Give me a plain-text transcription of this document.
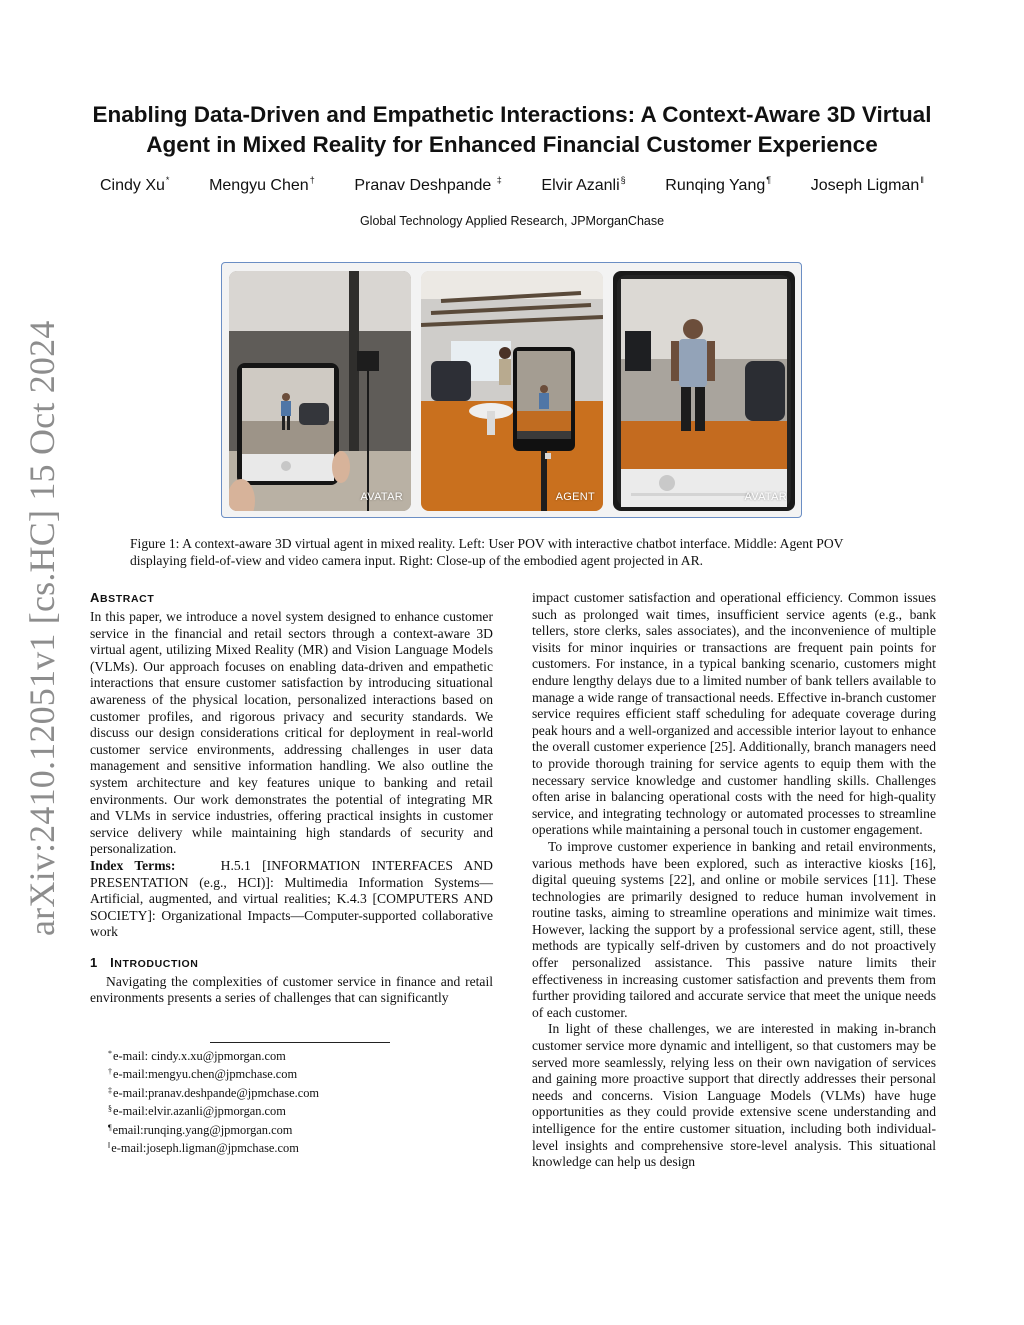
arXiv:2410.12051v1 [cs.HC] 15 Oct 2024
Enabling Data-Driven and Empathetic Interactions: A Context-Aware 3D Virtual Agent in Mixed Reality for Enhanced Financial Customer Experience
Cindy Xu* Mengyu Chen† Pranav Deshpande ‡ Elvir Azanli§ Runqing Yang¶ Joseph Ligman‖
Global Technology Applied Research, JPMorganChase
AVATAR	AGENT	AVATAR
Figure 1: A context-aware 3D virtual agent in mixed reality. Left: User POV with interactive chatbot interface. Middle: Agent POV displaying field-of-view and video camera input. Right: Close-up of the embodied agent projected in AR.
ABSTRACT

In this paper, we introduce a novel system designed to enhance customer service in the financial and retail sectors through a context-aware 3D virtual agent, utilizing Mixed Reality (MR) and Vision Language Models (VLMs). Our approach focuses on enabling data-driven and empathetic interactions that ensure customer satisfaction by introducing situational awareness of the physical location, personalized interactions based on customer profiles, and rigorous privacy and security standards. We discuss our design considerations critical for deployment in real-world customer service environments, addressing challenges in user data management and sensitive information handling. We also outline the system architecture and key features unique to banking and retail environments. Our work demonstrates the potential of integrating MR and VLMs in service industries, offering practical insights in customer service delivery while maintaining high standards of security and personalization.

Index Terms:	H.5.1 [INFORMATION INTERFACES AND PRESENTATION (e.g., HCI)]: Multimedia Information Systems—Artificial, augmented, and virtual realities; K.4.3 [COMPUTERS AND SOCIETY]: Organizational Impacts—Computer-supported collaborative work

1 INTRODUCTION

Navigating the complexities of customer service in finance and retail environments presents a series of challenges that can significantly

*e-mail: cindy.x.xu@jpmorgan.com
†e-mail:mengyu.chen@jpmchase.com
‡e-mail:pranav.deshpande@jpmchase.com
§e-mail:elvir.azanli@jpmorgan.com
¶email:runqing.yang@jpmorgan.com
‖e-mail:joseph.ligman@jpmchase.com

impact customer satisfaction and operational efficiency. Common issues such as prolonged wait times, insufficient service agents (e.g., bank tellers, store clerks, sales associates), and the inconvenience of multiple visits for minor inquiries or transactions are frequent pain points for customers. For instance, in a typical banking scenario, customers might endure lengthy delays due to a limited number of bank tellers available to manage a wide range of transactional needs. Effective in-branch customer service requires efficient staff scheduling for adequate coverage during peak hours and a well-organized and accessible interior layout to enhance the overall customer experience [25]. Additionally, branch managers need to provide thorough training for service agents to equip them with the necessary service knowledge and customer handling skills. Challenges often arise in balancing operational costs with the need for high-quality service, and integrating technology or automated processes to streamline operations while maintaining a personal touch in customer engagement.

To improve customer experience in banking and retail environments, various methods have been explored, such as interactive kiosks [16], digital queuing systems [22], and online or mobile services [11]. These technologies are primarily designed to reduce human involvement in routine tasks, aiming to streamline operations and minimize wait times. However, lacking the support by a professional service agent, still, these methods are typically self-driven by customers and do not proactively offer personalized assistance. This passive nature limits their effectiveness in increasing customer satisfaction and prevents them from further providing tailored and accurate service that meet the unique needs of each customer.

In light of these challenges, we are interested in making in-branch customer service more dynamic and intelligent, so that customers may be served more seamlessly, relying less on their own navigation of services and gaining more proactive support that directly addresses their personal needs and concerns. Vision Language Models (VLMs) have huge opportunities as they could provide extensive scene understanding and intelligence for the entire customer situation, including both individual-level insights and comprehensive store-level analysis. This situational knowledge can help us design
